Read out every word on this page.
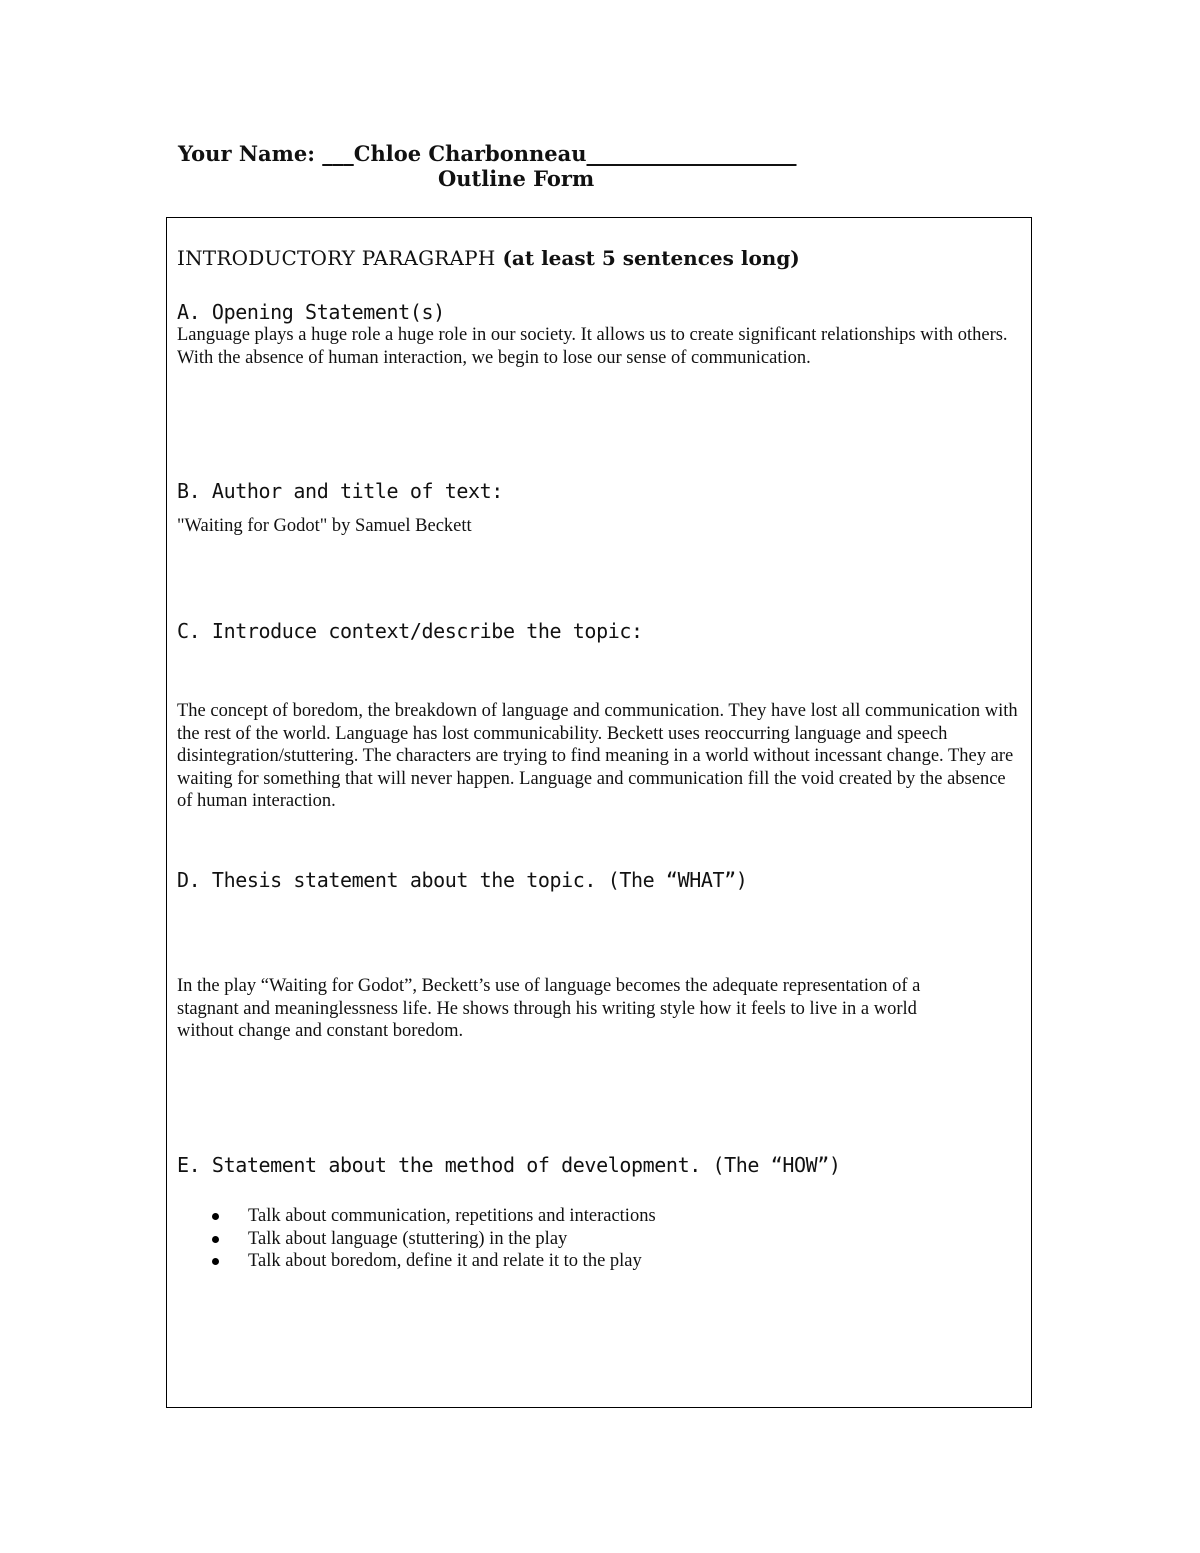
Your Name: ___Chloe Charbonneau____________________
Outline Form
INTRODUCTORY PARAGRAPH (at least 5 sentences long)
A. Opening Statement(s)
Language plays a huge role a huge role in our society. It allows us to create significant relationships with others. With the absence of human interaction, we begin to lose our sense of communication.
B. Author and title of text:
"Waiting for Godot" by Samuel Beckett
C. Introduce context/describe the topic:
The concept of boredom, the breakdown of language and communication. They have lost all communication with the rest of the world. Language has lost communicability. Beckett uses reoccurring language and speech disintegration/stuttering. The characters are trying to find meaning in a world without incessant change. They are waiting for something that will never happen. Language and communication fill the void created by the absence of human interaction.
D. Thesis statement about the topic. (The “WHAT”)
In the play “Waiting for Godot”, Beckett’s use of language becomes the adequate representation of a stagnant and meaninglessness life. He shows through his writing style how it feels to live in a world without change and constant boredom.
E. Statement about the method of development. (The “HOW”)
Talk about communication, repetitions and interactions
Talk about language (stuttering) in the play
Talk about boredom, define it and relate it to the play
